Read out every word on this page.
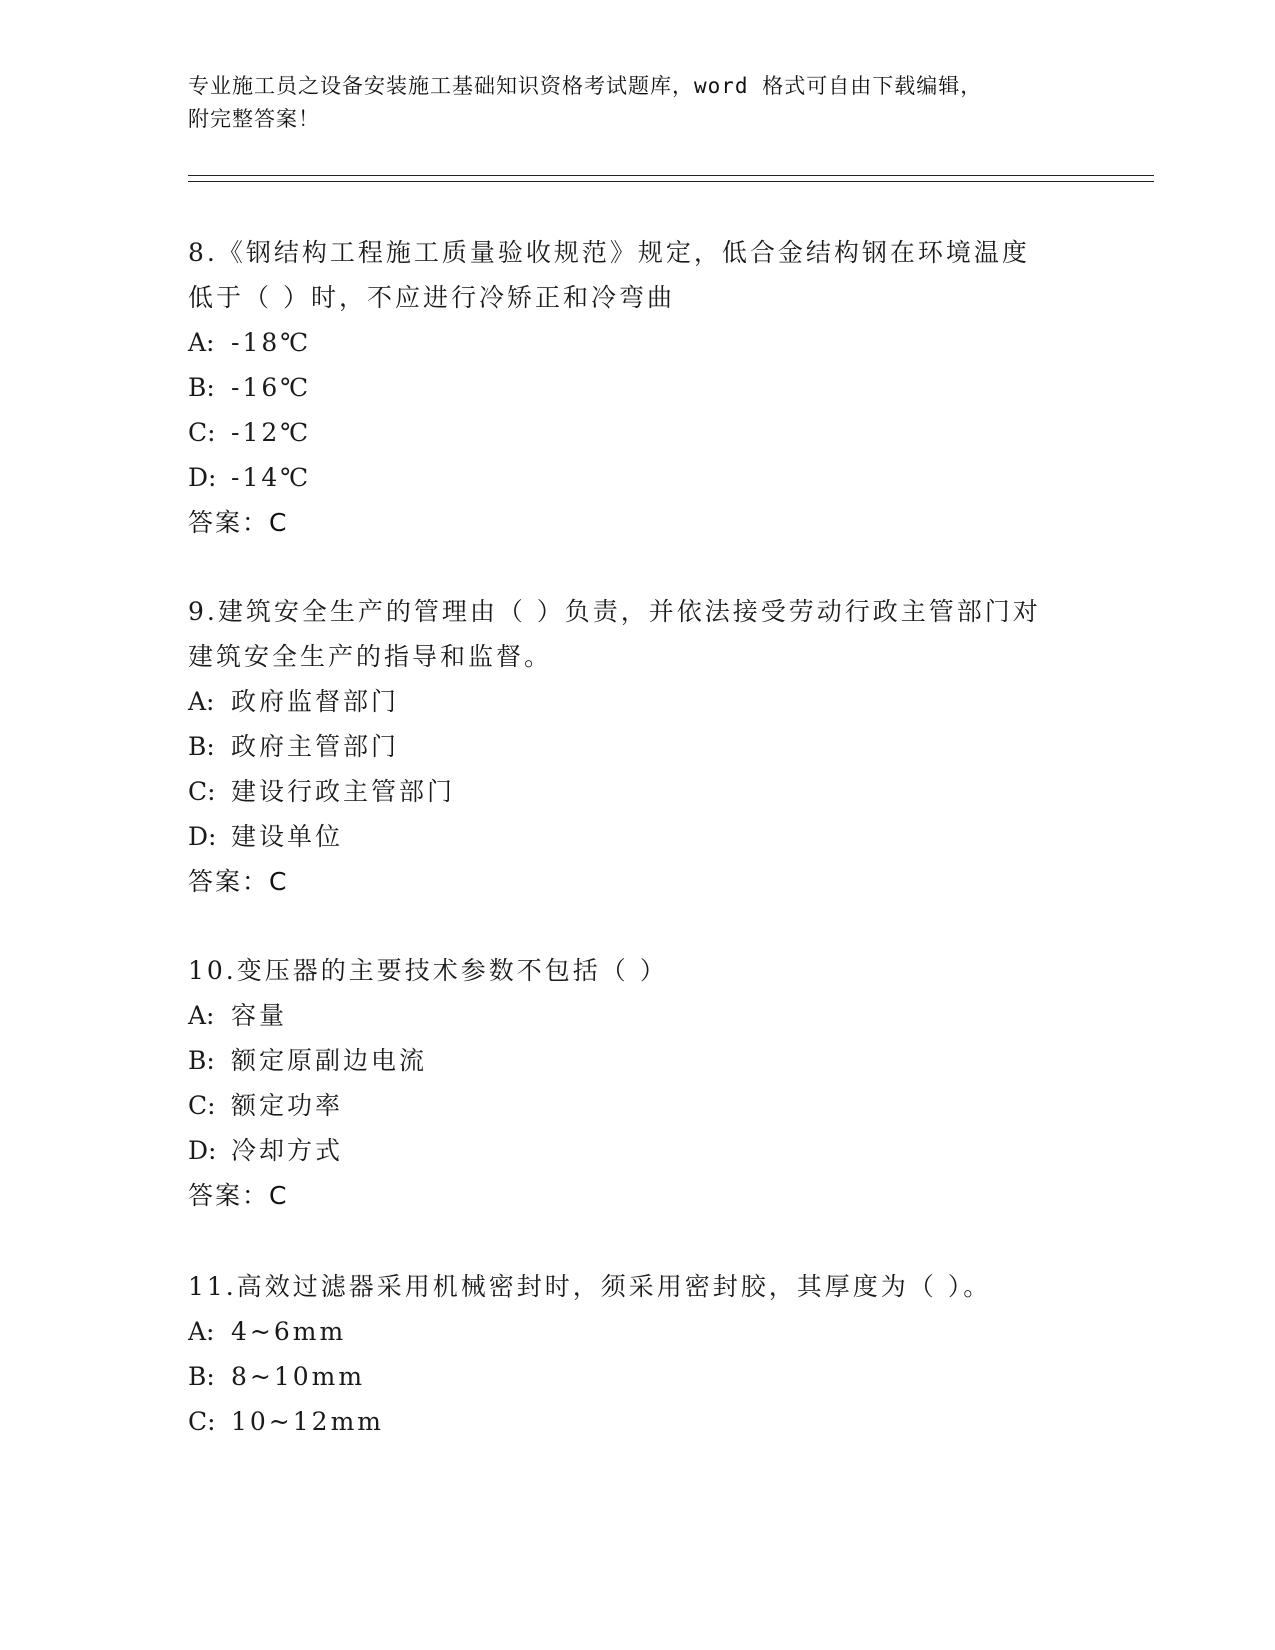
专业施工员之设备安装施工基础知识资格考试题库，word 格式可自由下载编辑，
附完整答案！
8.《钢结构工程施工质量验收规范》规定，低合金结构钢在环境温度
低于（ ）时，不应进行冷矫正和冷弯曲
A: -18℃
B: -16℃
C: -12℃
D: -14℃
答案：C
9.建筑安全生产的管理由（ ）负责，并依法接受劳动行政主管部门对
建筑安全生产的指导和监督。
A: 政府监督部门
B: 政府主管部门
C: 建设行政主管部门
D: 建设单位
答案：C
10.变压器的主要技术参数不包括（ ）
A: 容量
B: 额定原副边电流
C: 额定功率
D: 冷却方式
答案：C
11.高效过滤器采用机械密封时，须采用密封胶，其厚度为（ ）。
A: 4~6mm
B: 8~10mm
C: 10~12mm
